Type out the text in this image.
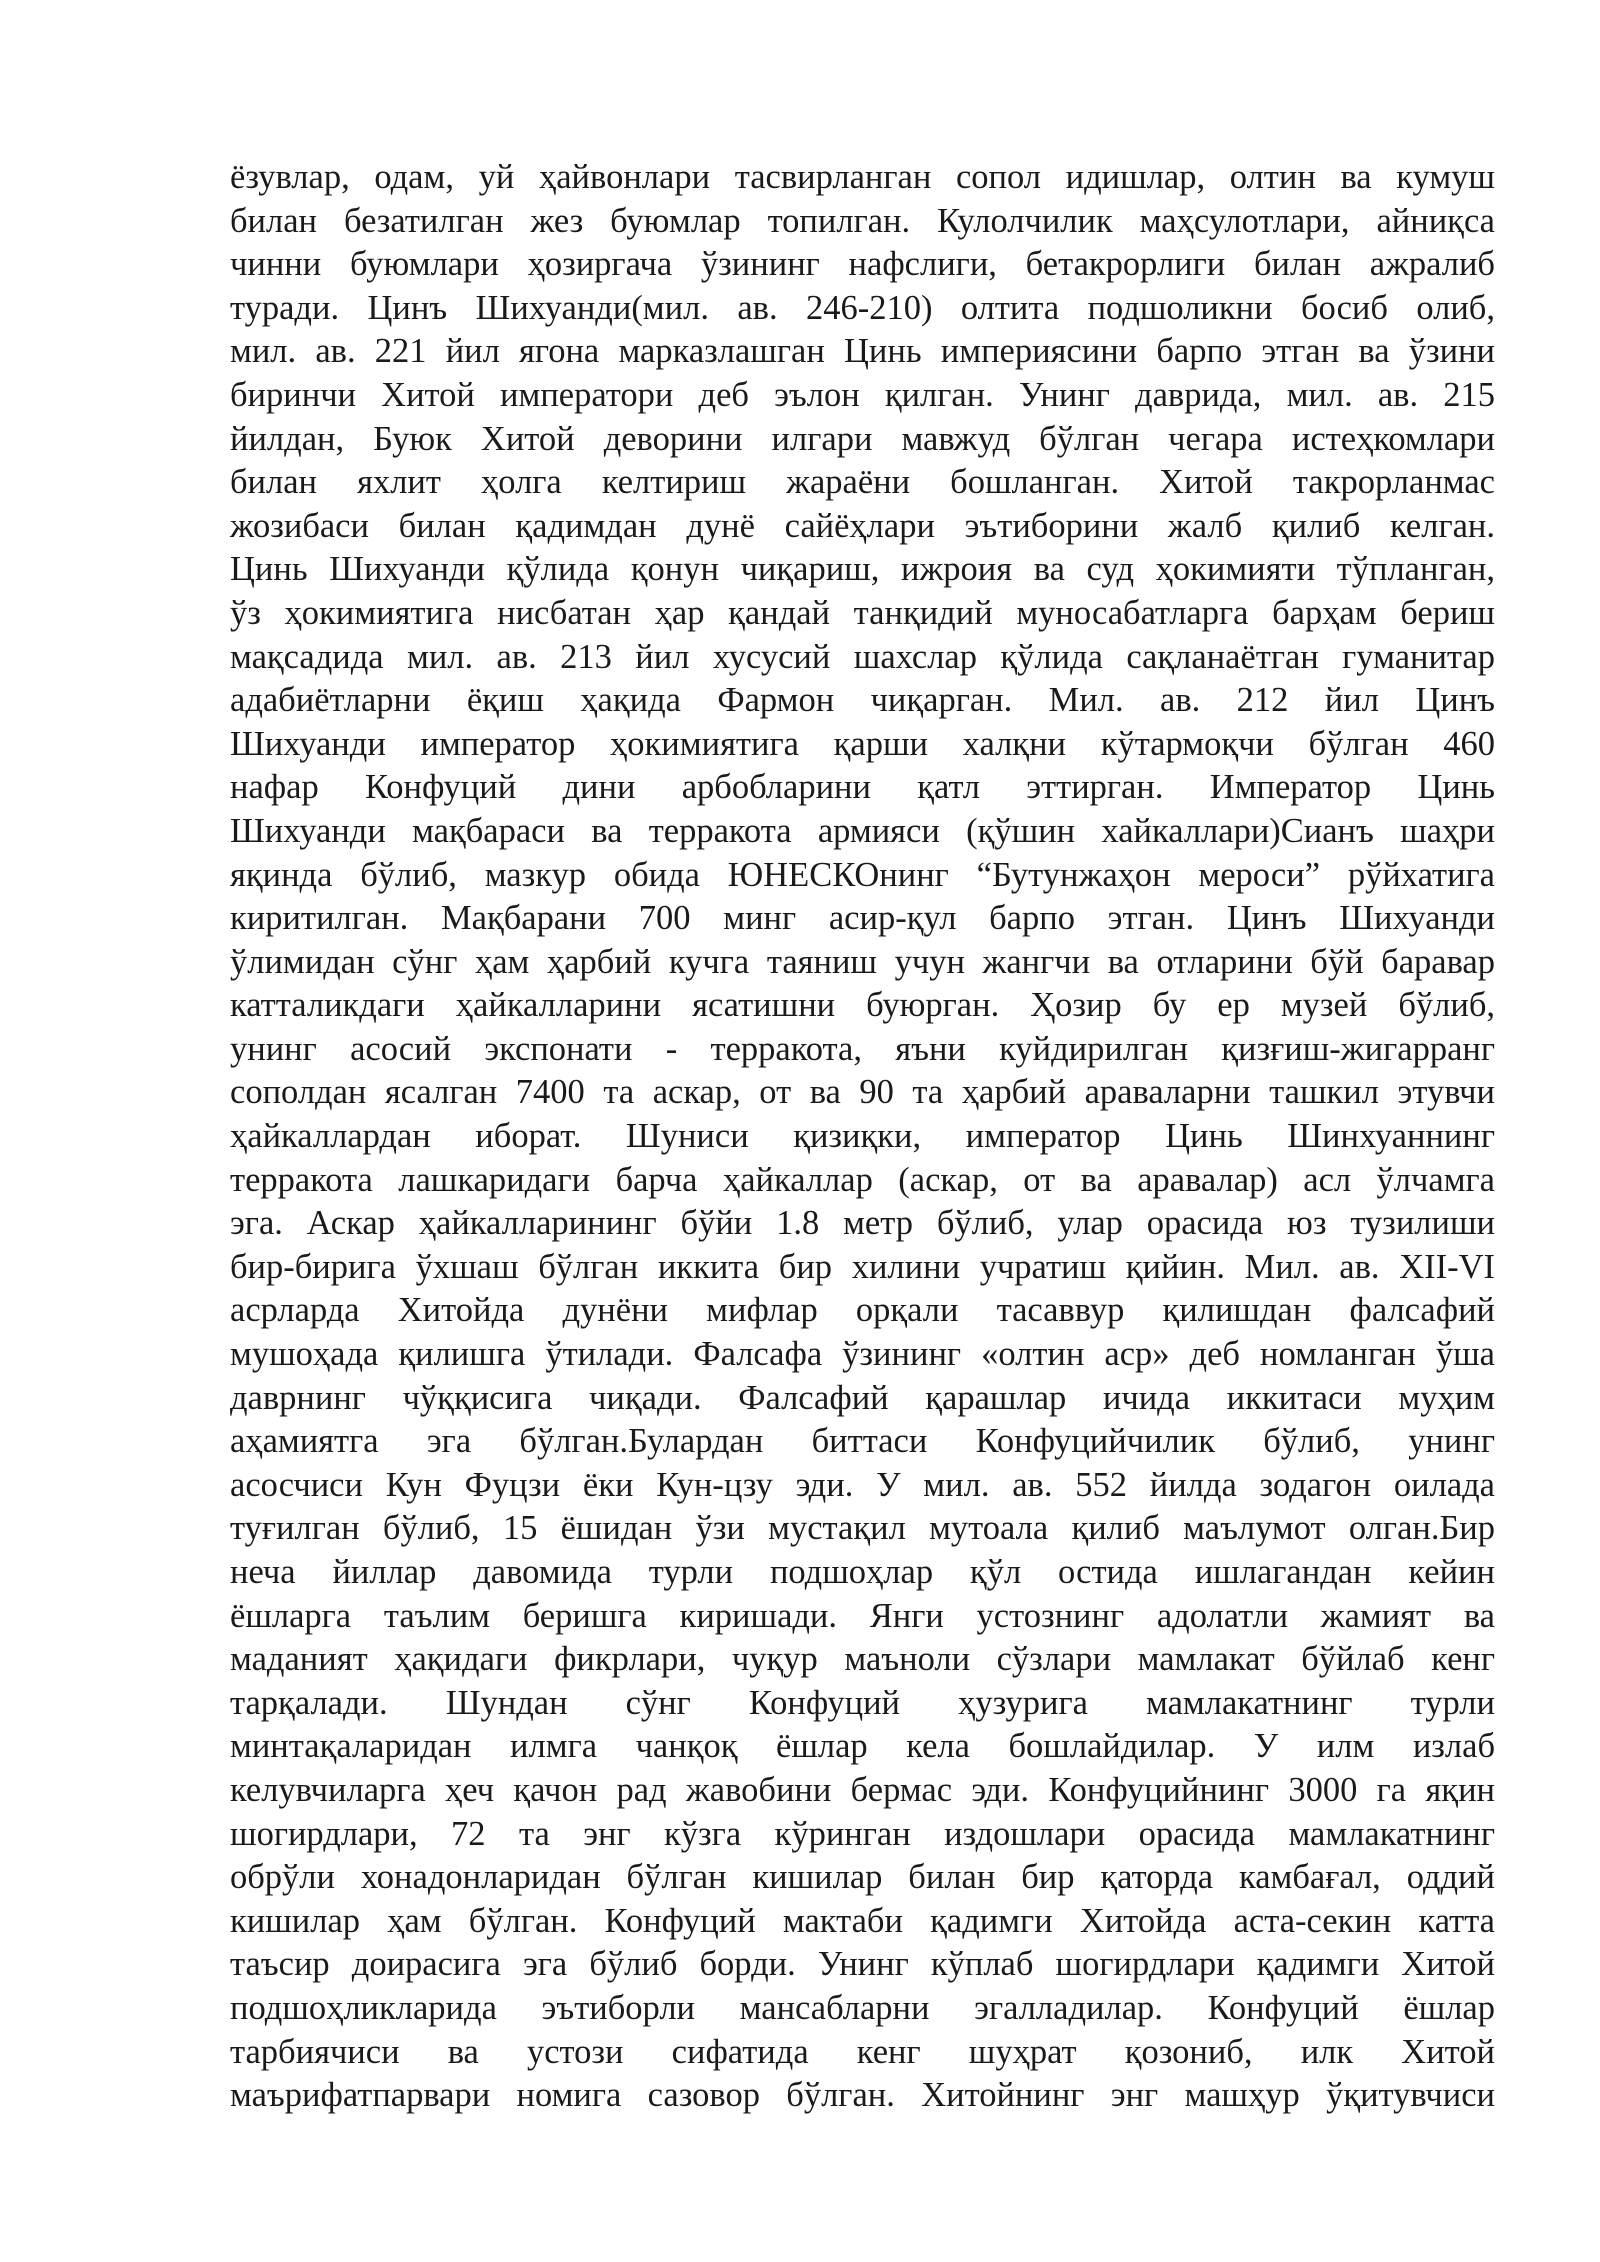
ёзувлар, одам, уй ҳайвонлари тасвирланган сопол идишлар, олтин ва кумуш
билан безатилган жез буюмлар топилган. Кулолчилик маҳсулотлари, айниқса
чинни буюмлари ҳозиргача ўзининг нафслиги, бетакрорлиги билан ажралиб
туради. Цинъ Шихуанди(мил. ав. 246-210) олтита подшоликни босиб олиб,
мил. ав. 221 йил ягона марказлашган Цинь империясини барпо этган ва ўзини
биринчи Хитой императори деб эълон қилган. Унинг даврида, мил. ав. 215
йилдан, Буюк Хитой деворини илгари мавжуд бўлган чегара истеҳкомлари
билан яхлит ҳолга келтириш жараёни бошланган. Хитой такрорланмас
жозибаси билан қадимдан дунё сайёҳлари эътиборини жалб қилиб келган.
Цинь Шихуанди қўлида қонун чиқариш, ижроия ва суд ҳокимияти тўпланган,
ўз ҳокимиятига нисбатан ҳар қандай танқидий муносабатларга барҳам бериш
мақсадида мил. ав. 213 йил хусусий шахслар қўлида сақланаётган гуманитар
адабиётларни ёқиш ҳақида Фармон чиқарган. Мил. ав. 212 йил Цинъ
Шихуанди император ҳокимиятига қарши халқни кўтармоқчи бўлган 460
нафар Конфуций дини арбобларини қатл эттирган. Император Цинь
Шихуанди мақбараси ва терракота армияси (қўшин хайкаллари)Сианъ шаҳри
яқинда бўлиб, мазкур обида ЮНЕСКОнинг “Бутунжаҳон мероси” рўйхатига
киритилган. Мақбарани 700 минг асир-қул барпо этган. Цинъ Шихуанди
ўлимидан сўнг ҳам ҳарбий кучга таяниш учун жангчи ва отларини бўй баравар
катталикдаги ҳайкалларини ясатишни буюрган. Ҳозир бу ер музей бўлиб,
унинг асосий экспонати - терракота, яъни куйдирилган қизғиш-жигарранг
сополдан ясалган 7400 та аскар, от ва 90 та ҳарбий араваларни ташкил этувчи
ҳайкаллардан иборат. Шуниси қизиқки, император Цинь Шинхуаннинг
терракота лашкаридаги барча ҳайкаллар (аскар, от ва аравалар) асл ўлчамга
эга. Аскар ҳайкалларининг бўйи 1.8 метр бўлиб, улар орасида юз тузилиши
бир-бирига ўхшаш бўлган иккита бир хилини учратиш қийин. Мил. ав. XII-VI
асрларда Хитойда дунёни мифлар орқали тасаввур қилишдан фалсафий
мушоҳада қилишга ўтилади. Фалсафа ўзининг «олтин аср» деб номланган ўша
даврнинг чўққисига чиқади. Фалсафий қарашлар ичида иккитаси муҳим
аҳамиятга эга бўлган.Булардан биттаси Конфуцийчилик бўлиб, унинг
асосчиси Кун Фуцзи ёки Кун-цзу эди. У мил. ав. 552 йилда зодагон оилада
туғилган бўлиб, 15 ёшидан ўзи мустақил мутоала қилиб маълумот олган.Бир
неча йиллар давомида турли подшоҳлар қўл остида ишлагандан кейин
ёшларга таълим беришга киришади. Янги устознинг адолатли жамият ва
маданият ҳақидаги фикрлари, чуқур маъноли сўзлари мамлакат бўйлаб кенг
тарқалади. Шундан сўнг Конфуций ҳузурига мамлакатнинг турли
минтақаларидан илмга чанқоқ ёшлар кела бошлайдилар. У илм излаб
келувчиларга ҳеч қачон рад жавобини бермас эди. Конфуцийнинг 3000 га яқин
шогирдлари, 72 та энг кўзга кўринган издошлари орасида мамлакатнинг
обрўли хонадонларидан бўлган кишилар билан бир қаторда камбағал, оддий
кишилар ҳам бўлган. Конфуций мактаби қадимги Хитойда аста-секин катта
таъсир доирасига эга бўлиб борди. Унинг кўплаб шогирдлари қадимги Хитой
подшоҳликларида эътиборли мансабларни эгалладилар. Конфуций ёшлар
тарбиячиси ва устози сифатида кенг шуҳрат қозониб, илк Хитой
маърифатпарвари номига сазовор бўлган. Хитойнинг энг машҳур ўқитувчиси
